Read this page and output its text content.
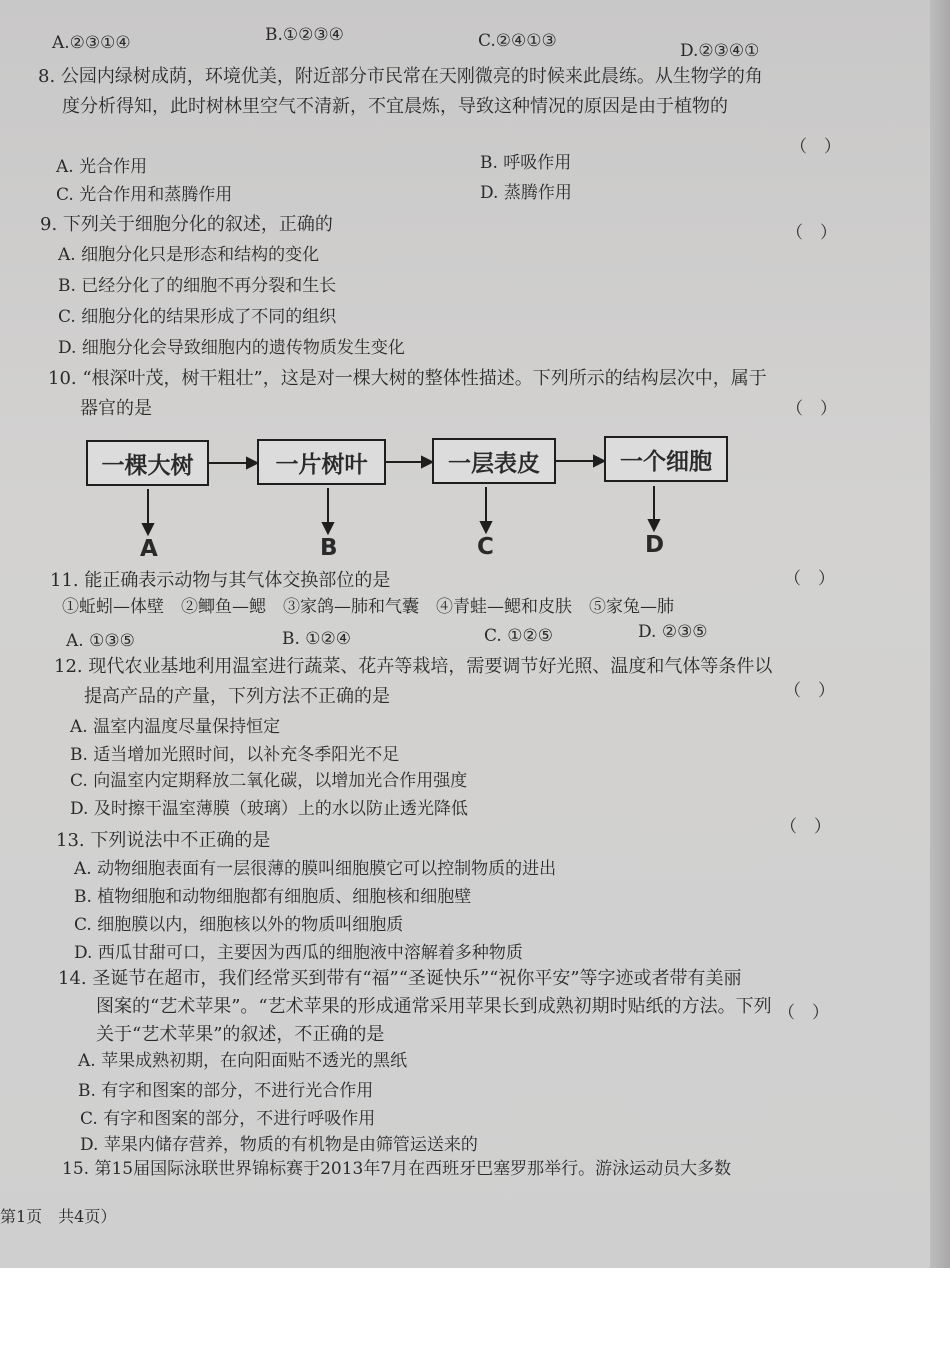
A.②③①④	B.①②③④	C.②④①③	D.②③④①
8. 公园内绿树成荫，环境优美，附近部分市民常在天刚微亮的时候来此晨练。从生物学的角
度分析得知，此时树林里空气不清新，不宜晨炼，导致这种情况的原因是由于植物的
（　）
A. 光合作用	B. 呼吸作用
C. 光合作用和蒸腾作用	D. 蒸腾作用
9. 下列关于细胞分化的叙述，正确的	（　）
A. 细胞分化只是形态和结构的变化
B. 已经分化了的细胞不再分裂和生长
C. 细胞分化的结果形成了不同的组织
D. 细胞分化会导致细胞内的遗传物质发生变化
10. “根深叶茂，树干粗壮”，这是对一棵大树的整体性描述。下列所示的结构层次中，属于
器官的是	（　）
一棵大树	一片树叶	一层表皮	一个细胞
A	B	C	D
11. 能正确表示动物与其气体交换部位的是	（　）
①蚯蚓—体壁　②鲫鱼—鳃　③家鸽—肺和气囊　④青蛙—鳃和皮肤　⑤家兔—肺
A. ①③⑤	B. ①②④	C. ①②⑤	D. ②③⑤
12. 现代农业基地利用温室进行蔬菜、花卉等栽培，需要调节好光照、温度和气体等条件以
提高产品的产量，下列方法不正确的是	（　）
A. 温室内温度尽量保持恒定
B. 适当增加光照时间，以补充冬季阳光不足
C. 向温室内定期释放二氧化碳，以增加光合作用强度
D. 及时擦干温室薄膜（玻璃）上的水以防止透光降低
13. 下列说法中不正确的是
（　）
A. 动物细胞表面有一层很薄的膜叫细胞膜它可以控制物质的进出
B. 植物细胞和动物细胞都有细胞质、细胞核和细胞壁
C. 细胞膜以内，细胞核以外的物质叫细胞质
D. 西瓜甘甜可口，主要因为西瓜的细胞液中溶解着多种物质
14. 圣诞节在超市，我们经常买到带有“福”“圣诞快乐”“祝你平安”等字迹或者带有美丽
图案的“艺术苹果”。“艺术苹果的形成通常采用苹果长到成熟初期时贴纸的方法。下列 （　）
关于“艺术苹果”的叙述，不正确的是
A. 苹果成熟初期，在向阳面贴不透光的黑纸
B. 有字和图案的部分，不进行光合作用
C. 有字和图案的部分，不进行呼吸作用
D. 苹果内储存营养，物质的有机物是由筛管运送来的
15. 第15届国际泳联世界锦标赛于2013年7月在西班牙巴塞罗那举行。游泳运动员大多数
第1页　共4页）
